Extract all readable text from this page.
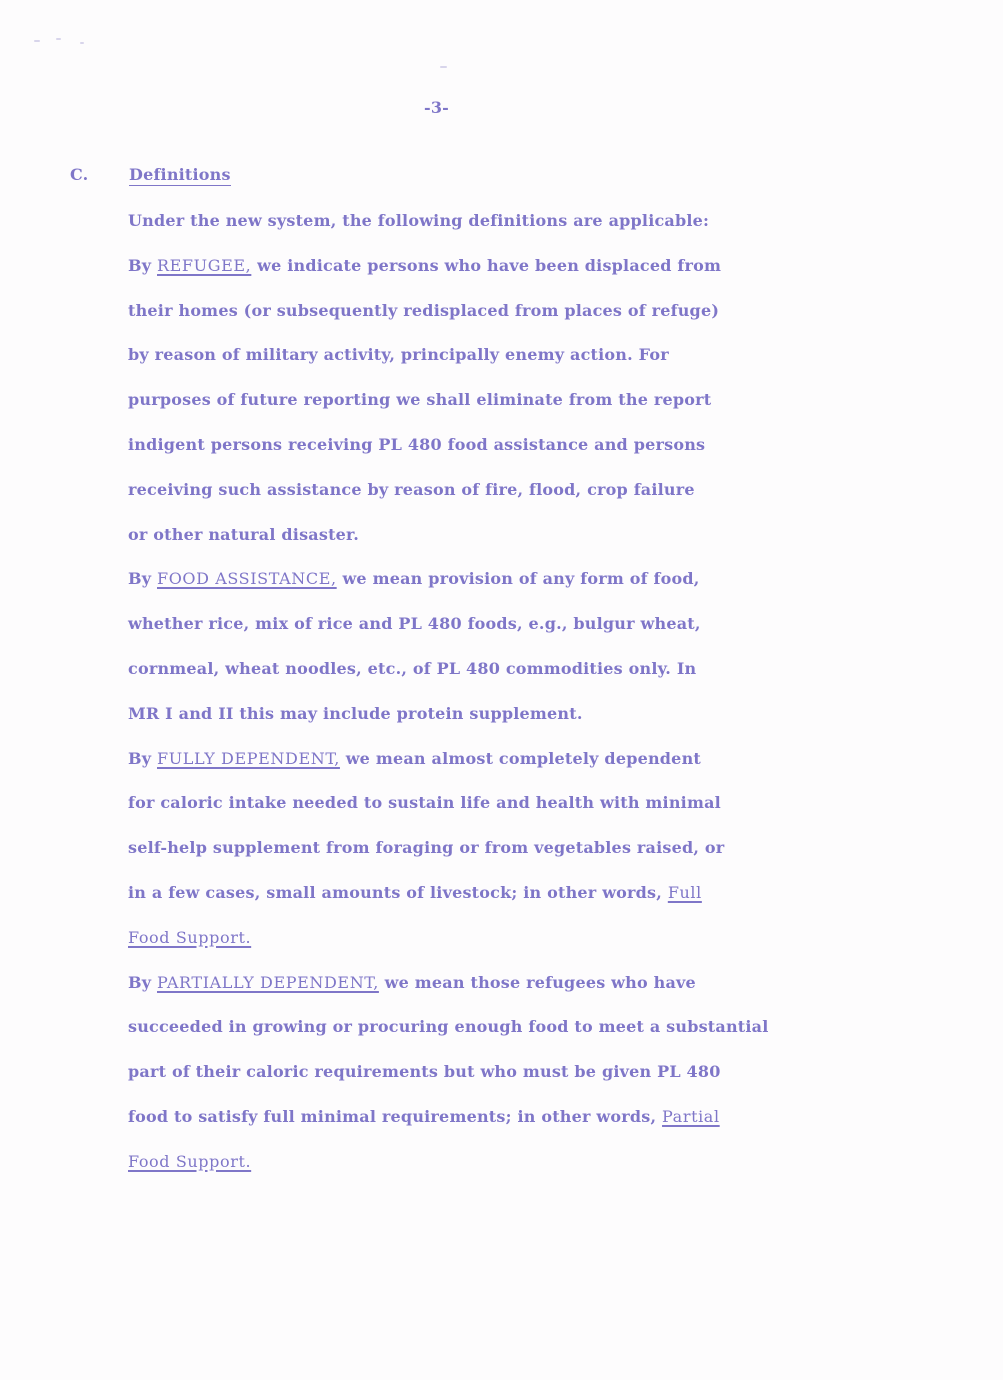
-3-
C.	Definitions
Under the new system, the following definitions are applicable:
By REFUGEE, we indicate persons who have been displaced from
their homes (or subsequently redisplaced from places of refuge)
by reason of military activity, principally enemy action. For
purposes of future reporting we shall eliminate from the report
indigent persons receiving PL 480 food assistance and persons
receiving such assistance by reason of fire, flood, crop failure
or other natural disaster.
By FOOD ASSISTANCE, we mean provision of any form of food,
whether rice, mix of rice and PL 480 foods, e.g., bulgur wheat,
cornmeal, wheat noodles, etc., of PL 480 commodities only. In
MR I and II this may include protein supplement.
By FULLY DEPENDENT, we mean almost completely dependent
for caloric intake needed to sustain life and health with minimal
self-help supplement from foraging or from vegetables raised, or
in a few cases, small amounts of livestock; in other words, Full
Food Support.
By PARTIALLY DEPENDENT, we mean those refugees who have
succeeded in growing or procuring enough food to meet a substantial
part of their caloric requirements but who must be given PL 480
food to satisfy full minimal requirements; in other words, Partial
Food Support.
